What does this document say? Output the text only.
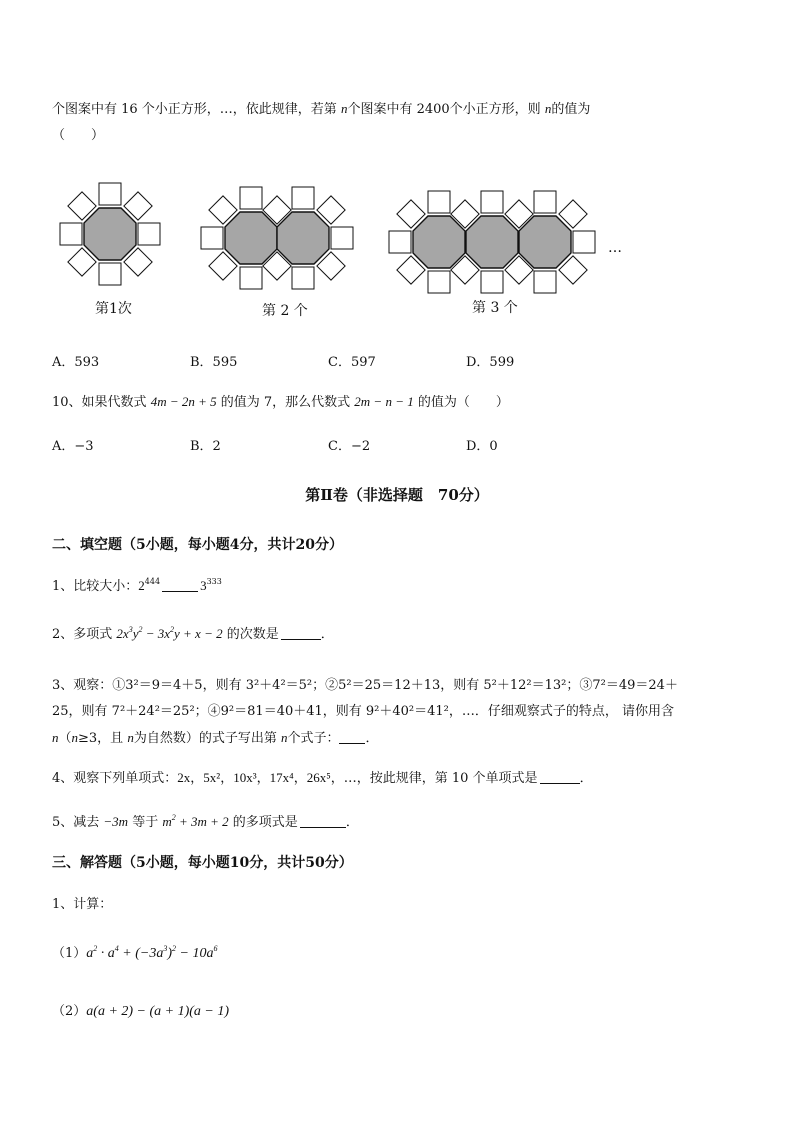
个图案中有 16 个小正方形，…，依此规律，若第 n个图案中有 2400个小正方形，则 n的值为
（　　）
…
第1次	第 2 个	第 3 个
A．593	B．595	C．597	D．599
10、如果代数式 4m − 2n + 5 的值为 7，那么代数式 2m − n − 1 的值为（　　）
A．−3	B．2	C．−2	D．0
第Ⅱ卷（非选择题　70分）
二、填空题（5小题，每小题4分，共计20分）
1、比较大小：$2^{444}$	$3^{333}$
2、多项式 $2x^3y^2 - 3x^2y + x - 2$ 的次数是	．
3、观察：①3²＝9＝4＋5，则有 3²＋4²＝5²；②5²＝25＝12＋13，则有 5²＋12²＝13²；③7²＝49＝24＋
25，则有 7²＋24²＝25²；④9²＝81＝40＋41，则有 9²＋40²＝41²，…．仔细观察式子的特点， 请你用含
n（n≥3，且 n为自然数）的式子写出第 n个式子： ．
4、观察下列单项式：2x，5x²，10x³，17x⁴，26x⁵，…，按此规律，第 10 个单项式是	．
5、减去 −3m 等于 $m^2 + 3m + 2$ 的多项式是	．
三、解答题（5小题，每小题10分，共计50分）
1、计算：
$(1)a^2 \cdot a^4 + (-3a^3)^2 - 10a^6$
（2）a(a + 2) − (a + 1)(a − 1)
